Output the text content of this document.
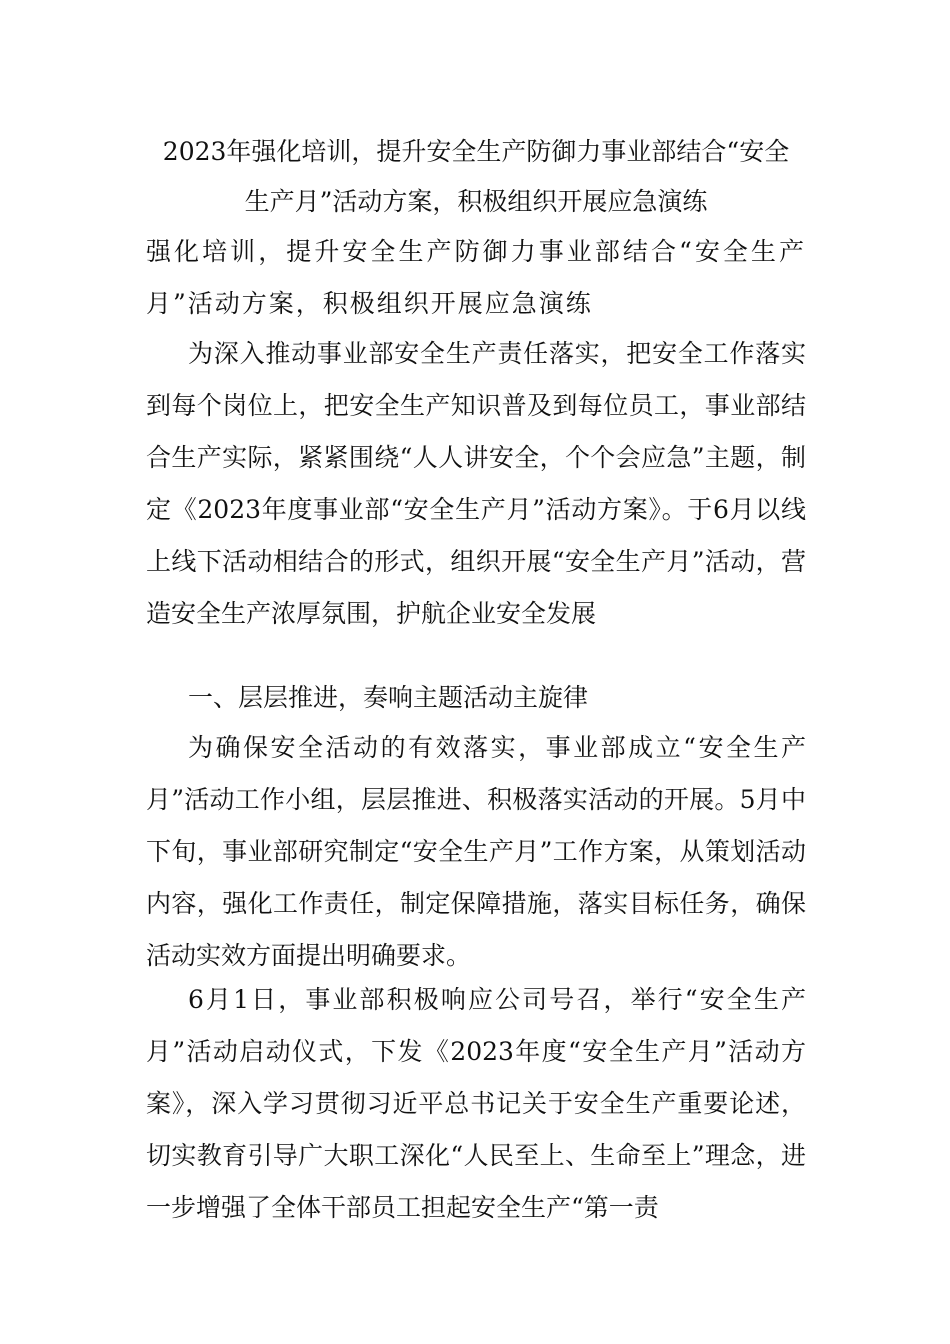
2023年强化培训，提升安全生产防御力事业部结合“安全
生产月”活动方案，积极组织开展应急演练
强化培训，提升安全生产防御力事业部结合“安全生产月”活动方案，积极组织开展应急演练
为深入推动事业部安全生产责任落实，把安全工作落实到每个岗位上，把安全生产知识普及到每位员工，事业部结合生产实际，紧紧围绕“人人讲安全，个个会应急”主题，制定《2023年度事业部“安全生产月”活动方案》。于6月以线上线下活动相结合的形式，组织开展“安全生产月”活动，营造安全生产浓厚氛围，护航企业安全发展
一、层层推进，奏响主题活动主旋律
为确保安全活动的有效落实，事业部成立“安全生产月”活动工作小组，层层推进、积极落实活动的开展。5月中下旬，事业部研究制定“安全生产月”工作方案，从策划活动内容，强化工作责任，制定保障措施，落实目标任务，确保活动实效方面提出明确要求。
6月1日，事业部积极响应公司号召，举行“安全生产月”活动启动仪式，下发《2023年度“安全生产月”活动方案》，深入学习贯彻习近平总书记关于安全生产重要论述，切实教育引导广大职工深化“人民至上、生命至上”理念，进一步增强了全体干部员工担起安全生产“第一责
